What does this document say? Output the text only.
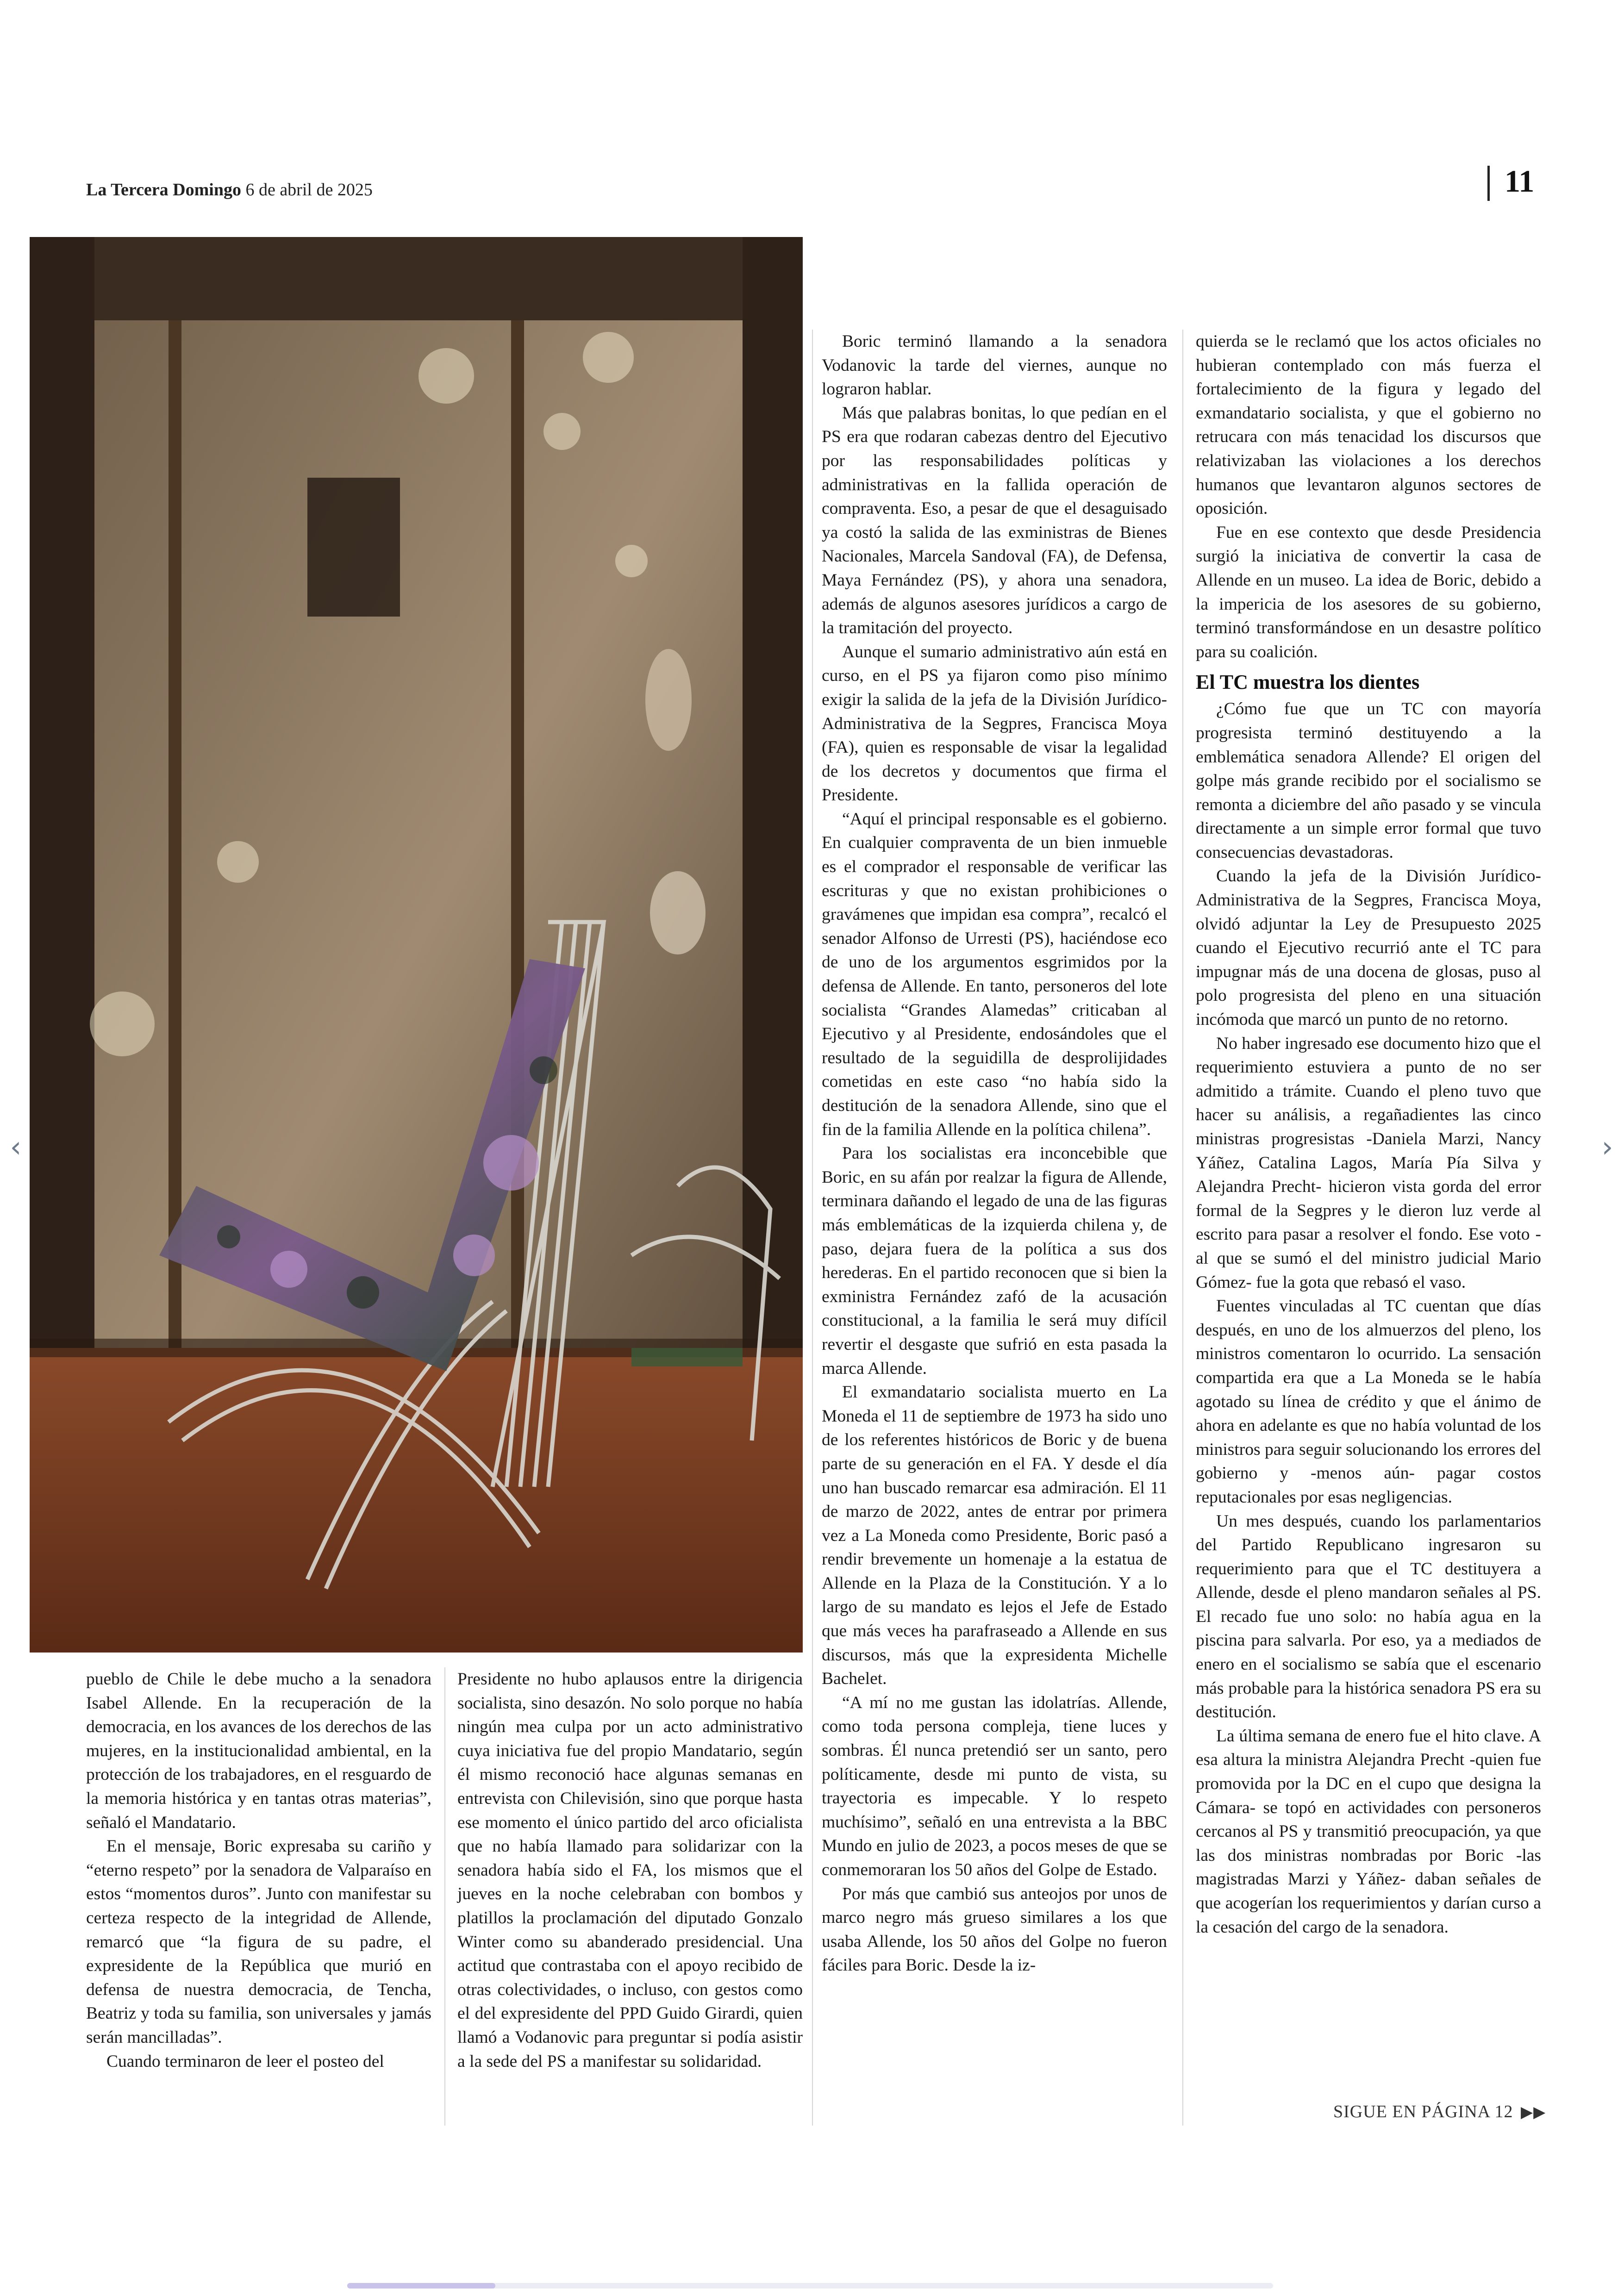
La Tercera Domingo 6 de abril de 2025	11

pueblo de Chile le debe mucho a la senadora Isabel Allende. En la recuperación de la democracia, en los avances de los derechos de las mujeres, en la institucionalidad ambiental, en la protección de los trabajadores, en el resguardo de la memoria histórica y en tantas otras materias”, señaló el Mandatario.

En el mensaje, Boric expresaba su cariño y “eterno respeto” por la senadora de Valparaíso en estos “momentos duros”. Junto con manifestar su certeza respecto de la integridad de Allende, remarcó que “la figura de su padre, el expresidente de la República que murió en defensa de nuestra democracia, de Tencha, Beatriz y toda su familia, son universales y jamás serán mancilladas”.

Cuando terminaron de leer el posteo del

Presidente no hubo aplausos entre la dirigencia socialista, sino desazón. No solo porque no había ningún mea culpa por un acto administrativo cuya iniciativa fue del propio Mandatario, según él mismo reconoció hace algunas semanas en entrevista con Chilevisión, sino que porque hasta ese momento el único partido del arco oficialista que no había llamado para solidarizar con la senadora había sido el FA, los mismos que el jueves en la noche celebraban con bombos y platillos la proclamación del diputado Gonzalo Winter como su abanderado presidencial. Una actitud que contrastaba con el apoyo recibido de otras colectividades, o incluso, con gestos como el del expresidente del PPD Guido Girardi, quien llamó a Vodanovic para preguntar si podía asistir a la sede del PS a manifestar su solidaridad.

Boric terminó llamando a la senadora Vodanovic la tarde del viernes, aunque no lograron hablar.

Más que palabras bonitas, lo que pedían en el PS era que rodaran cabezas dentro del Ejecutivo por las responsabilidades políticas y administrativas en la fallida operación de compraventa. Eso, a pesar de que el desaguisado ya costó la salida de las exministras de Bienes Nacionales, Marcela Sandoval (FA), de Defensa, Maya Fernández (PS), y ahora una senadora, además de algunos asesores jurídicos a cargo de la tramitación del proyecto.

Aunque el sumario administrativo aún está en curso, en el PS ya fijaron como piso mínimo exigir la salida de la jefa de la División Jurídico-Administrativa de la Segpres, Francisca Moya (FA), quien es responsable de visar la legalidad de los decretos y documentos que firma el Presidente.

“Aquí el principal responsable es el gobierno. En cualquier compraventa de un bien inmueble es el comprador el responsable de verificar las escrituras y que no existan prohibiciones o gravámenes que impidan esa compra”, recalcó el senador Alfonso de Urresti (PS), haciéndose eco de uno de los argumentos esgrimidos por la defensa de Allende. En tanto, personeros del lote socialista “Grandes Alamedas” criticaban al Ejecutivo y al Presidente, endosándoles que el resultado de la seguidilla de desprolijidades cometidas en este caso “no había sido la destitución de la senadora Allende, sino que el fin de la familia Allende en la política chilena”.

Para los socialistas era inconcebible que Boric, en su afán por realzar la figura de Allende, terminara dañando el legado de una de las figuras más emblemáticas de la izquierda chilena y, de paso, dejara fuera de la política a sus dos herederas. En el partido reconocen que si bien la exministra Fernández zafó de la acusación constitucional, a la familia le será muy difícil revertir el desgaste que sufrió en esta pasada la marca Allende.

El exmandatario socialista muerto en La Moneda el 11 de septiembre de 1973 ha sido uno de los referentes históricos de Boric y de buena parte de su generación en el FA. Y desde el día uno han buscado remarcar esa admiración. El 11 de marzo de 2022, antes de entrar por primera vez a La Moneda como Presidente, Boric pasó a rendir brevemente un homenaje a la estatua de Allende en la Plaza de la Constitución. Y a lo largo de su mandato es lejos el Jefe de Estado que más veces ha parafraseado a Allende en sus discursos, más que la expresidenta Michelle Bachelet.

“A mí no me gustan las idolatrías. Allende, como toda persona compleja, tiene luces y sombras. Él nunca pretendió ser un santo, pero políticamente, desde mi punto de vista, su trayectoria es impecable. Y lo respeto muchísimo”, señaló en una entrevista a la BBC Mundo en julio de 2023, a pocos meses de que se conmemoraran los 50 años del Golpe de Estado.

Por más que cambió sus anteojos por unos de marco negro más grueso similares a los que usaba Allende, los 50 años del Golpe no fueron fáciles para Boric. Desde la iz-

quierda se le reclamó que los actos oficiales no hubieran contemplado con más fuerza el fortalecimiento de la figura y legado del exmandatario socialista, y que el gobierno no retrucara con más tenacidad los discursos que relativizaban las violaciones a los derechos humanos que levantaron algunos sectores de oposición.

Fue en ese contexto que desde Presidencia surgió la iniciativa de convertir la casa de Allende en un museo. La idea de Boric, debido a la impericia de los asesores de su gobierno, terminó transformándose en un desastre político para su coalición.

El TC muestra los dientes

¿Cómo fue que un TC con mayoría progresista terminó destituyendo a la emblemática senadora Allende? El origen del golpe más grande recibido por el socialismo se remonta a diciembre del año pasado y se vincula directamente a un simple error formal que tuvo consecuencias devastadoras.

Cuando la jefa de la División Jurídico-Administrativa de la Segpres, Francisca Moya, olvidó adjuntar la Ley de Presupuesto 2025 cuando el Ejecutivo recurrió ante el TC para impugnar más de una docena de glosas, puso al polo progresista del pleno en una situación incómoda que marcó un punto de no retorno.

No haber ingresado ese documento hizo que el requerimiento estuviera a punto de no ser admitido a trámite. Cuando el pleno tuvo que hacer su análisis, a regañadientes las cinco ministras progresistas -Daniela Marzi, Nancy Yáñez, Catalina Lagos, María Pía Silva y Alejandra Precht- hicieron vista gorda del error formal de la Segpres y le dieron luz verde al escrito para pasar a resolver el fondo. Ese voto -al que se sumó el del ministro judicial Mario Gómez- fue la gota que rebasó el vaso.

Fuentes vinculadas al TC cuentan que días después, en uno de los almuerzos del pleno, los ministros comentaron lo ocurrido. La sensación compartida era que a La Moneda se le había agotado su línea de crédito y que el ánimo de ahora en adelante es que no había voluntad de los ministros para seguir solucionando los errores del gobierno y -menos aún- pagar costos reputacionales por esas negligencias.

Un mes después, cuando los parlamentarios del Partido Republicano ingresaron su requerimiento para que el TC destituyera a Allende, desde el pleno mandaron señales al PS. El recado fue uno solo: no había agua en la piscina para salvarla. Por eso, ya a mediados de enero en el socialismo se sabía que el escenario más probable para la histórica senadora PS era su destitución.

La última semana de enero fue el hito clave. A esa altura la ministra Alejandra Precht -quien fue promovida por la DC en el cupo que designa la Cámara- se topó en actividades con personeros cercanos al PS y transmitió preocupación, ya que las dos ministras nombradas por Boric -las magistradas Marzi y Yáñez- daban señales de que acogerían los requerimientos y darían curso a la cesación del cargo de la senadora.

SIGUE EN PÁGINA 12 ▶▶
‹	›
